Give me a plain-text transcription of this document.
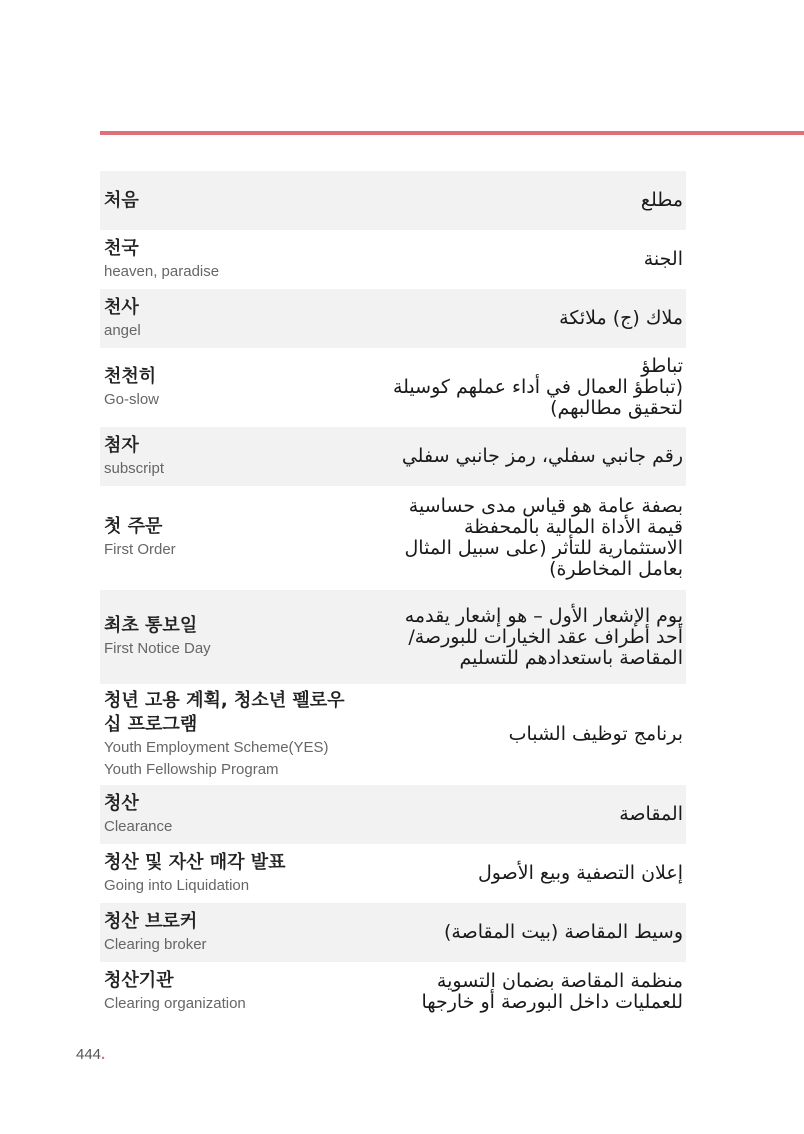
처음	مطلع
천국
heaven, paradise
الجنة
천사
angel
ملاك (ج) ملائكة
천천히
Go-slow
تباطؤ
(تباطؤ العمال في أداء عملهم كوسيلة
لتحقيق مطالبهم)
첨자
subscript
رقم جانبي سفلي، رمز جانبي سفلي
첫 주문
First Order
بصفة عامة هو قياس مدى حساسية
قيمة الأداة المالية بالمحفظة
الاستثمارية للتأثر (على سبيل المثال
بعامل المخاطرة)
최초 통보일
First Notice Day
يوم الإشعار الأول – هو إشعار يقدمه
أحد أطراف عقد الخيارات للبورصة/
المقاصة باستعدادهم للتسليم
청년 고용 계획, 청소년 펠로우 십 프로그램
Youth Employment Scheme(YES) Youth Fellowship Program
برنامج توظيف الشباب
청산
Clearance
المقاصة
청산 및 자산 매각 발표
Going into Liquidation
إعلان التصفية وبيع الأصول
청산 브로커
Clearing broker
وسيط المقاصة (بيت المقاصة)
청산기관
Clearing organization
منظمة المقاصة بضمان التسوية
للعمليات داخل البورصة أو خارجها
444.
